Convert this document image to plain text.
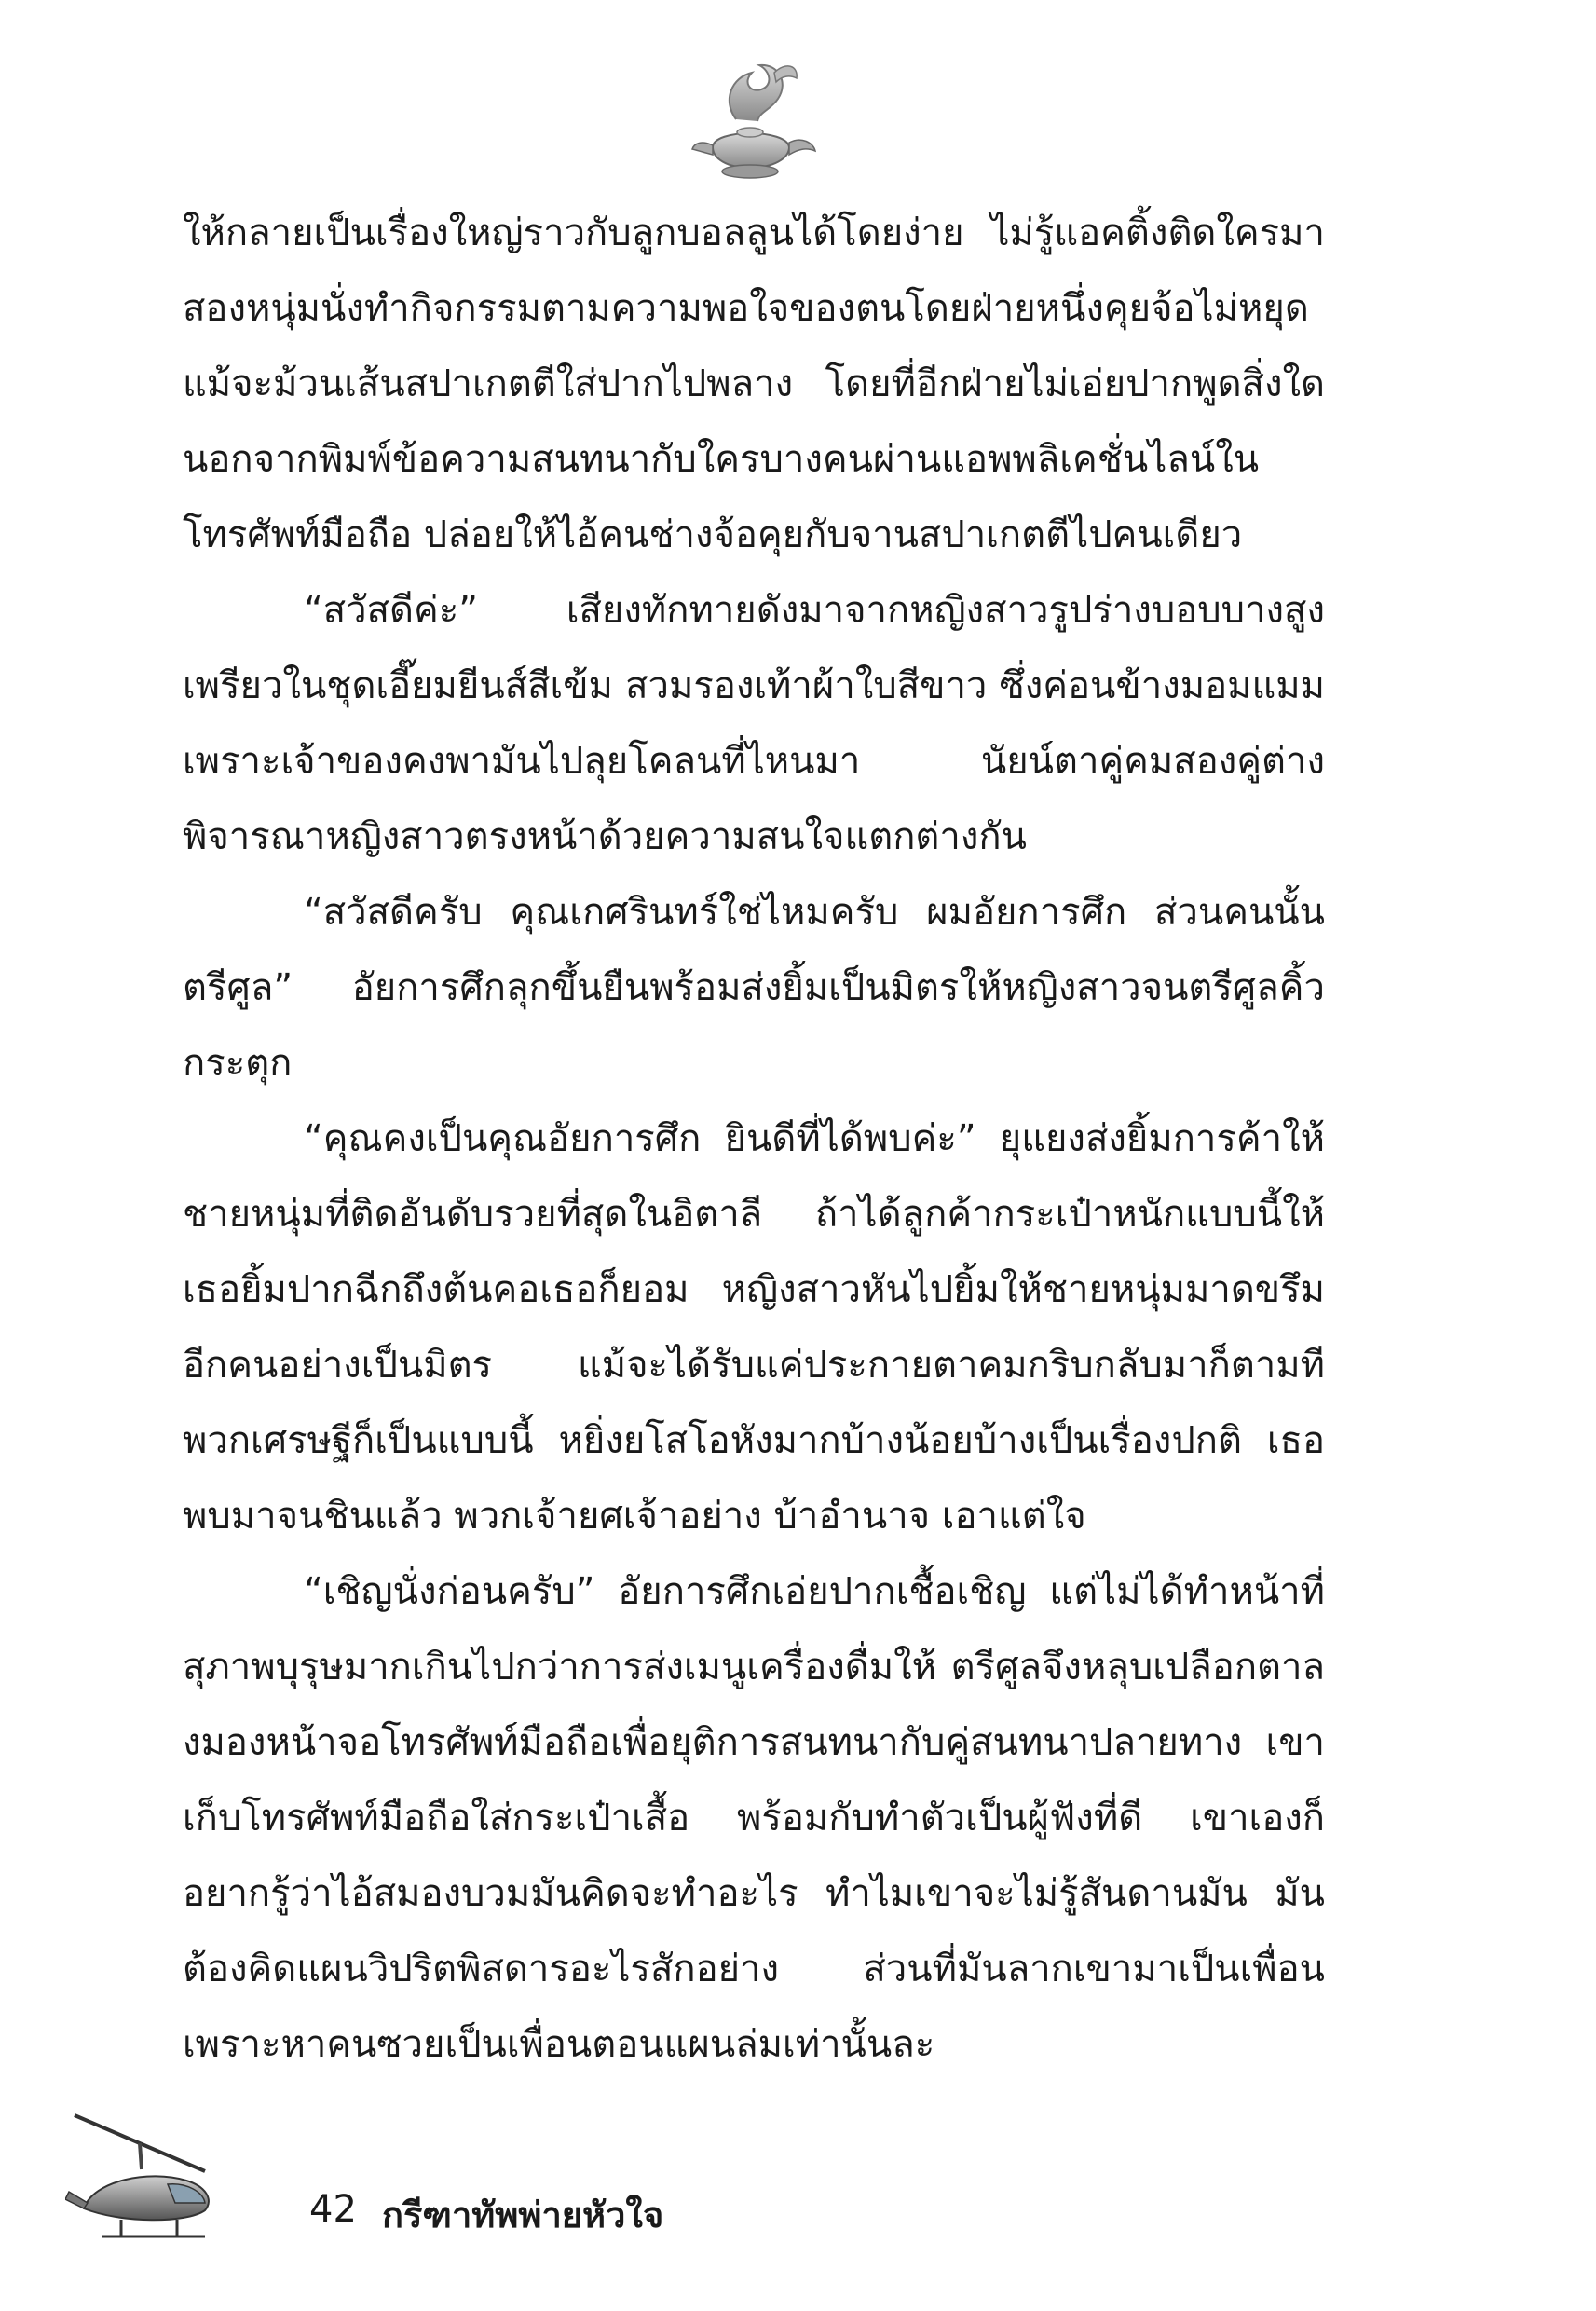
ให้กลายเป็นเรื่องใหญ่ราวกับลูกบอลลูนได้โดยง่าย ไม่รู้แอคติ้งติดใครมา สองหนุ่มนั่งทำกิจกรรมตามความพอใจของตนโดยฝ่ายหนึ่งคุยจ้อไม่หยุดแม้จะม้วนเส้นสปาเกตตีใส่ปากไปพลาง โดยที่อีกฝ่ายไม่เอ่ยปากพูดสิ่งใดนอกจากพิมพ์ข้อความสนทนากับใครบางคนผ่านแอพพลิเคชั่นไลน์ในโทรศัพท์มือถือ ปล่อยให้ไอ้คนช่างจ้อคุยกับจานสปาเกตตีไปคนเดียว

“สวัสดีค่ะ” เสียงทักทายดังมาจากหญิงสาวรูปร่างบอบบางสูงเพรียวในชุดเอี๊ยมยีนส์สีเข้ม สวมรองเท้าผ้าใบสีขาว ซึ่งค่อนข้างมอมแมมเพราะเจ้าของคงพามันไปลุยโคลนที่ไหนมา นัยน์ตาคู่คมสองคู่ต่างพิจารณาหญิงสาวตรงหน้าด้วยความสนใจแตกต่างกัน

“สวัสดีครับ คุณเกศรินทร์ใช่ไหมครับ ผมอัยการศึก ส่วนคนนั้นตรีศูล” อัยการศึกลุกขึ้นยืนพร้อมส่งยิ้มเป็นมิตรให้หญิงสาวจนตรีศูลคิ้วกระตุก

“คุณคงเป็นคุณอัยการศึก ยินดีที่ได้พบค่ะ” ยุแยงส่งยิ้มการค้าให้ชายหนุ่มที่ติดอันดับรวยที่สุดในอิตาลี ถ้าได้ลูกค้ากระเป๋าหนักแบบนี้ให้เธอยิ้มปากฉีกถึงต้นคอเธอก็ยอม หญิงสาวหันไปยิ้มให้ชายหนุ่มมาดขรึมอีกคนอย่างเป็นมิตร แม้จะได้รับแค่ประกายตาคมกริบกลับมาก็ตามที พวกเศรษฐีก็เป็นแบบนี้ หยิ่งยโสโอหังมากบ้างน้อยบ้างเป็นเรื่องปกติ เธอพบมาจนชินแล้ว พวกเจ้ายศเจ้าอย่าง บ้าอำนาจ เอาแต่ใจ

“เชิญนั่งก่อนครับ” อัยการศึกเอ่ยปากเชื้อเชิญ แต่ไม่ได้ทำหน้าที่สุภาพบุรุษมากเกินไปกว่าการส่งเมนูเครื่องดื่มให้ ตรีศูลจึงหลุบเปลือกตาลงมองหน้าจอโทรศัพท์มือถือเพื่อยุติการสนทนากับคู่สนทนาปลายทาง เขาเก็บโทรศัพท์มือถือใส่กระเป๋าเสื้อ พร้อมกับทำตัวเป็นผู้ฟังที่ดี เขาเองก็อยากรู้ว่าไอ้สมองบวมมันคิดจะทำอะไร ทำไมเขาจะไม่รู้สันดานมัน มันต้องคิดแผนวิปริตพิสดารอะไรสักอย่าง ส่วนที่มันลากเขามาเป็นเพื่อนเพราะหาคนซวยเป็นเพื่อนตอนแผนล่มเท่านั้นละ

42 กรีฑาทัพพ่ายหัวใจ
